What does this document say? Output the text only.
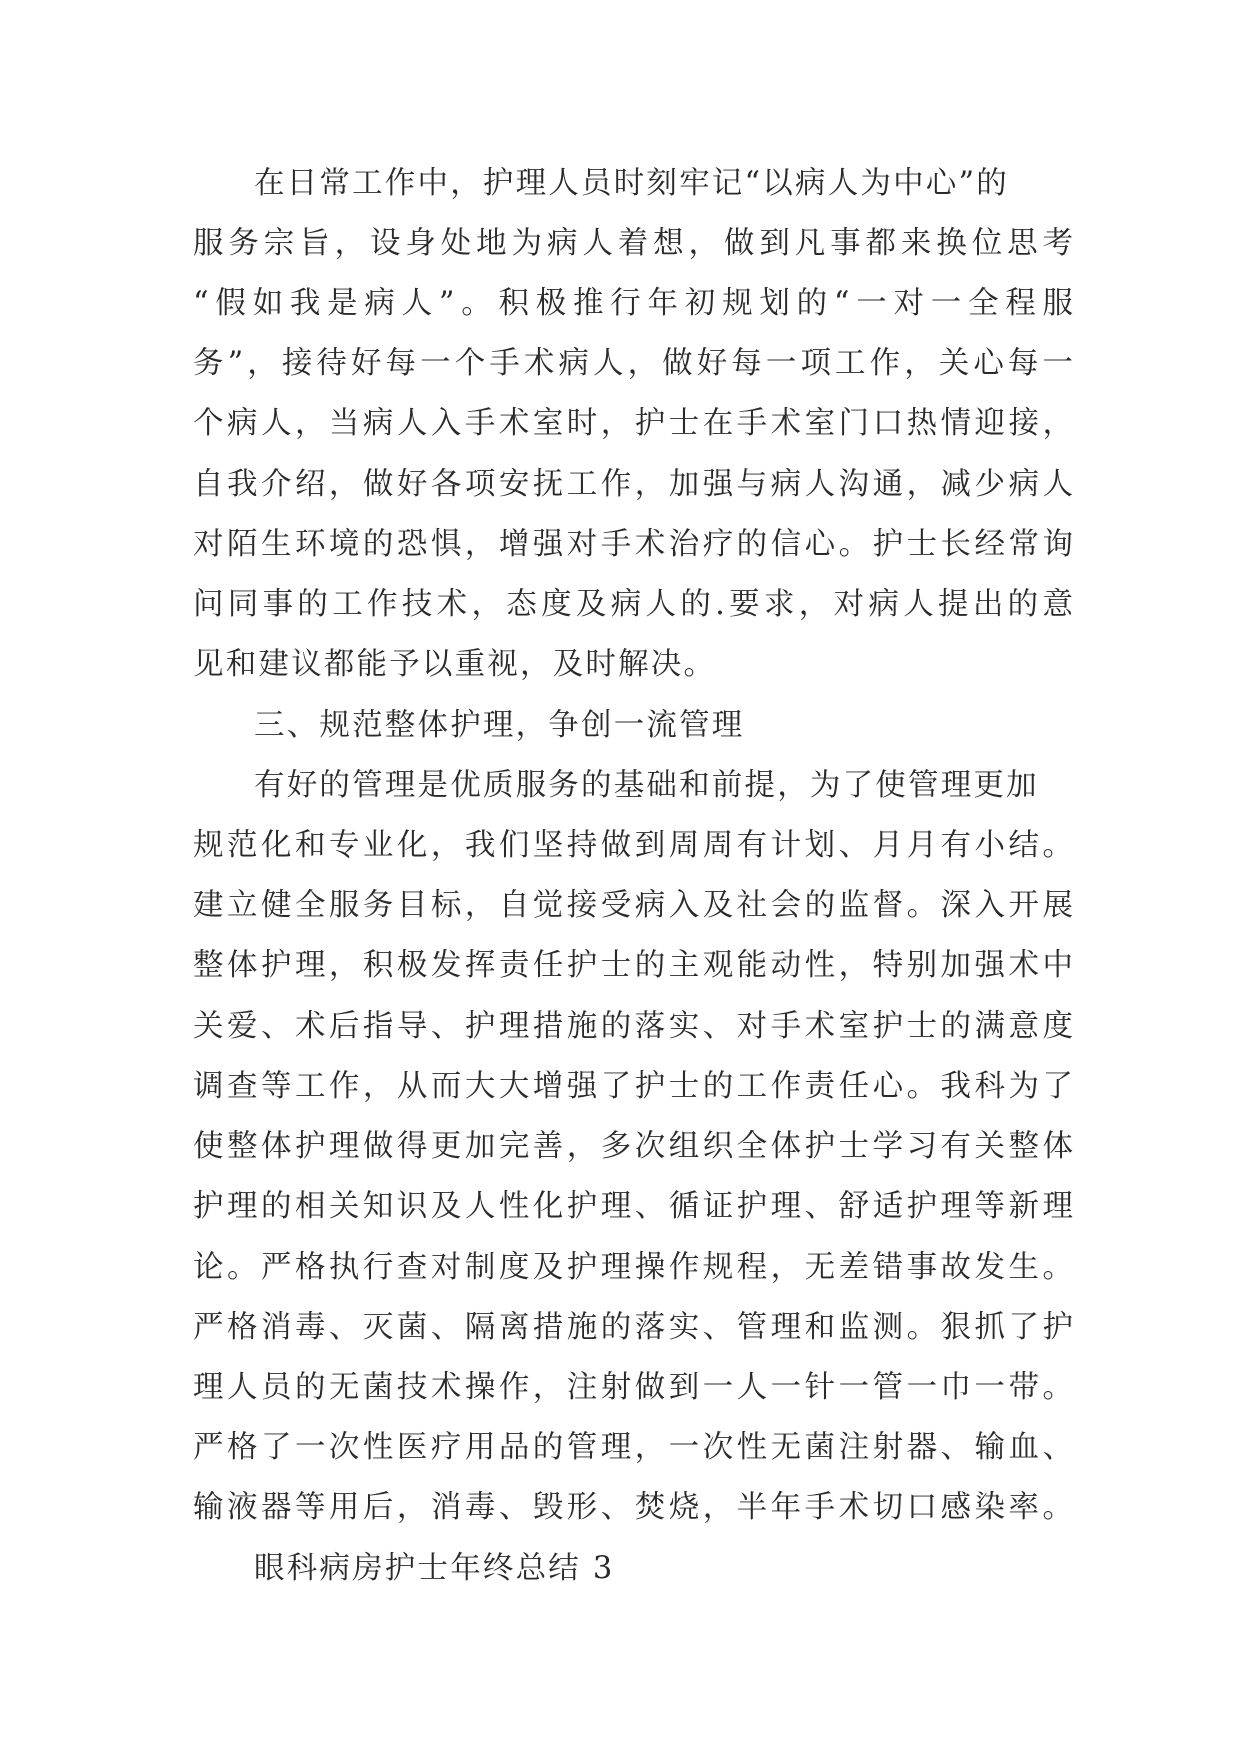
在日常工作中，护理人员时刻牢记“以病人为中心”的
服务宗旨，设身处地为病人着想，做到凡事都来换位思考
“假如我是病人”。积极推行年初规划的“一对一全程服
务”，接待好每一个手术病人，做好每一项工作，关心每一
个病人，当病人入手术室时，护士在手术室门口热情迎接，
自我介绍，做好各项安抚工作，加强与病人沟通，减少病人
对陌生环境的恐惧，增强对手术治疗的信心。护士长经常询
问同事的工作技术，态度及病人的.要求，对病人提出的意
见和建议都能予以重视，及时解决。
三、规范整体护理，争创一流管理
有好的管理是优质服务的基础和前提，为了使管理更加
规范化和专业化，我们坚持做到周周有计划、月月有小结。
建立健全服务目标，自觉接受病入及社会的监督。深入开展
整体护理，积极发挥责任护士的主观能动性，特别加强术中
关爱、术后指导、护理措施的落实、对手术室护士的满意度
调查等工作，从而大大增强了护士的工作责任心。我科为了
使整体护理做得更加完善，多次组织全体护士学习有关整体
护理的相关知识及人性化护理、循证护理、舒适护理等新理
论。严格执行查对制度及护理操作规程，无差错事故发生。
严格消毒、灭菌、隔离措施的落实、管理和监测。狠抓了护
理人员的无菌技术操作，注射做到一人一针一管一巾一带。
严格了一次性医疗用品的管理，一次性无菌注射器、输血、
输液器等用后，消毒、毁形、焚烧，半年手术切口感染率。
眼科病房护士年终总结 3
